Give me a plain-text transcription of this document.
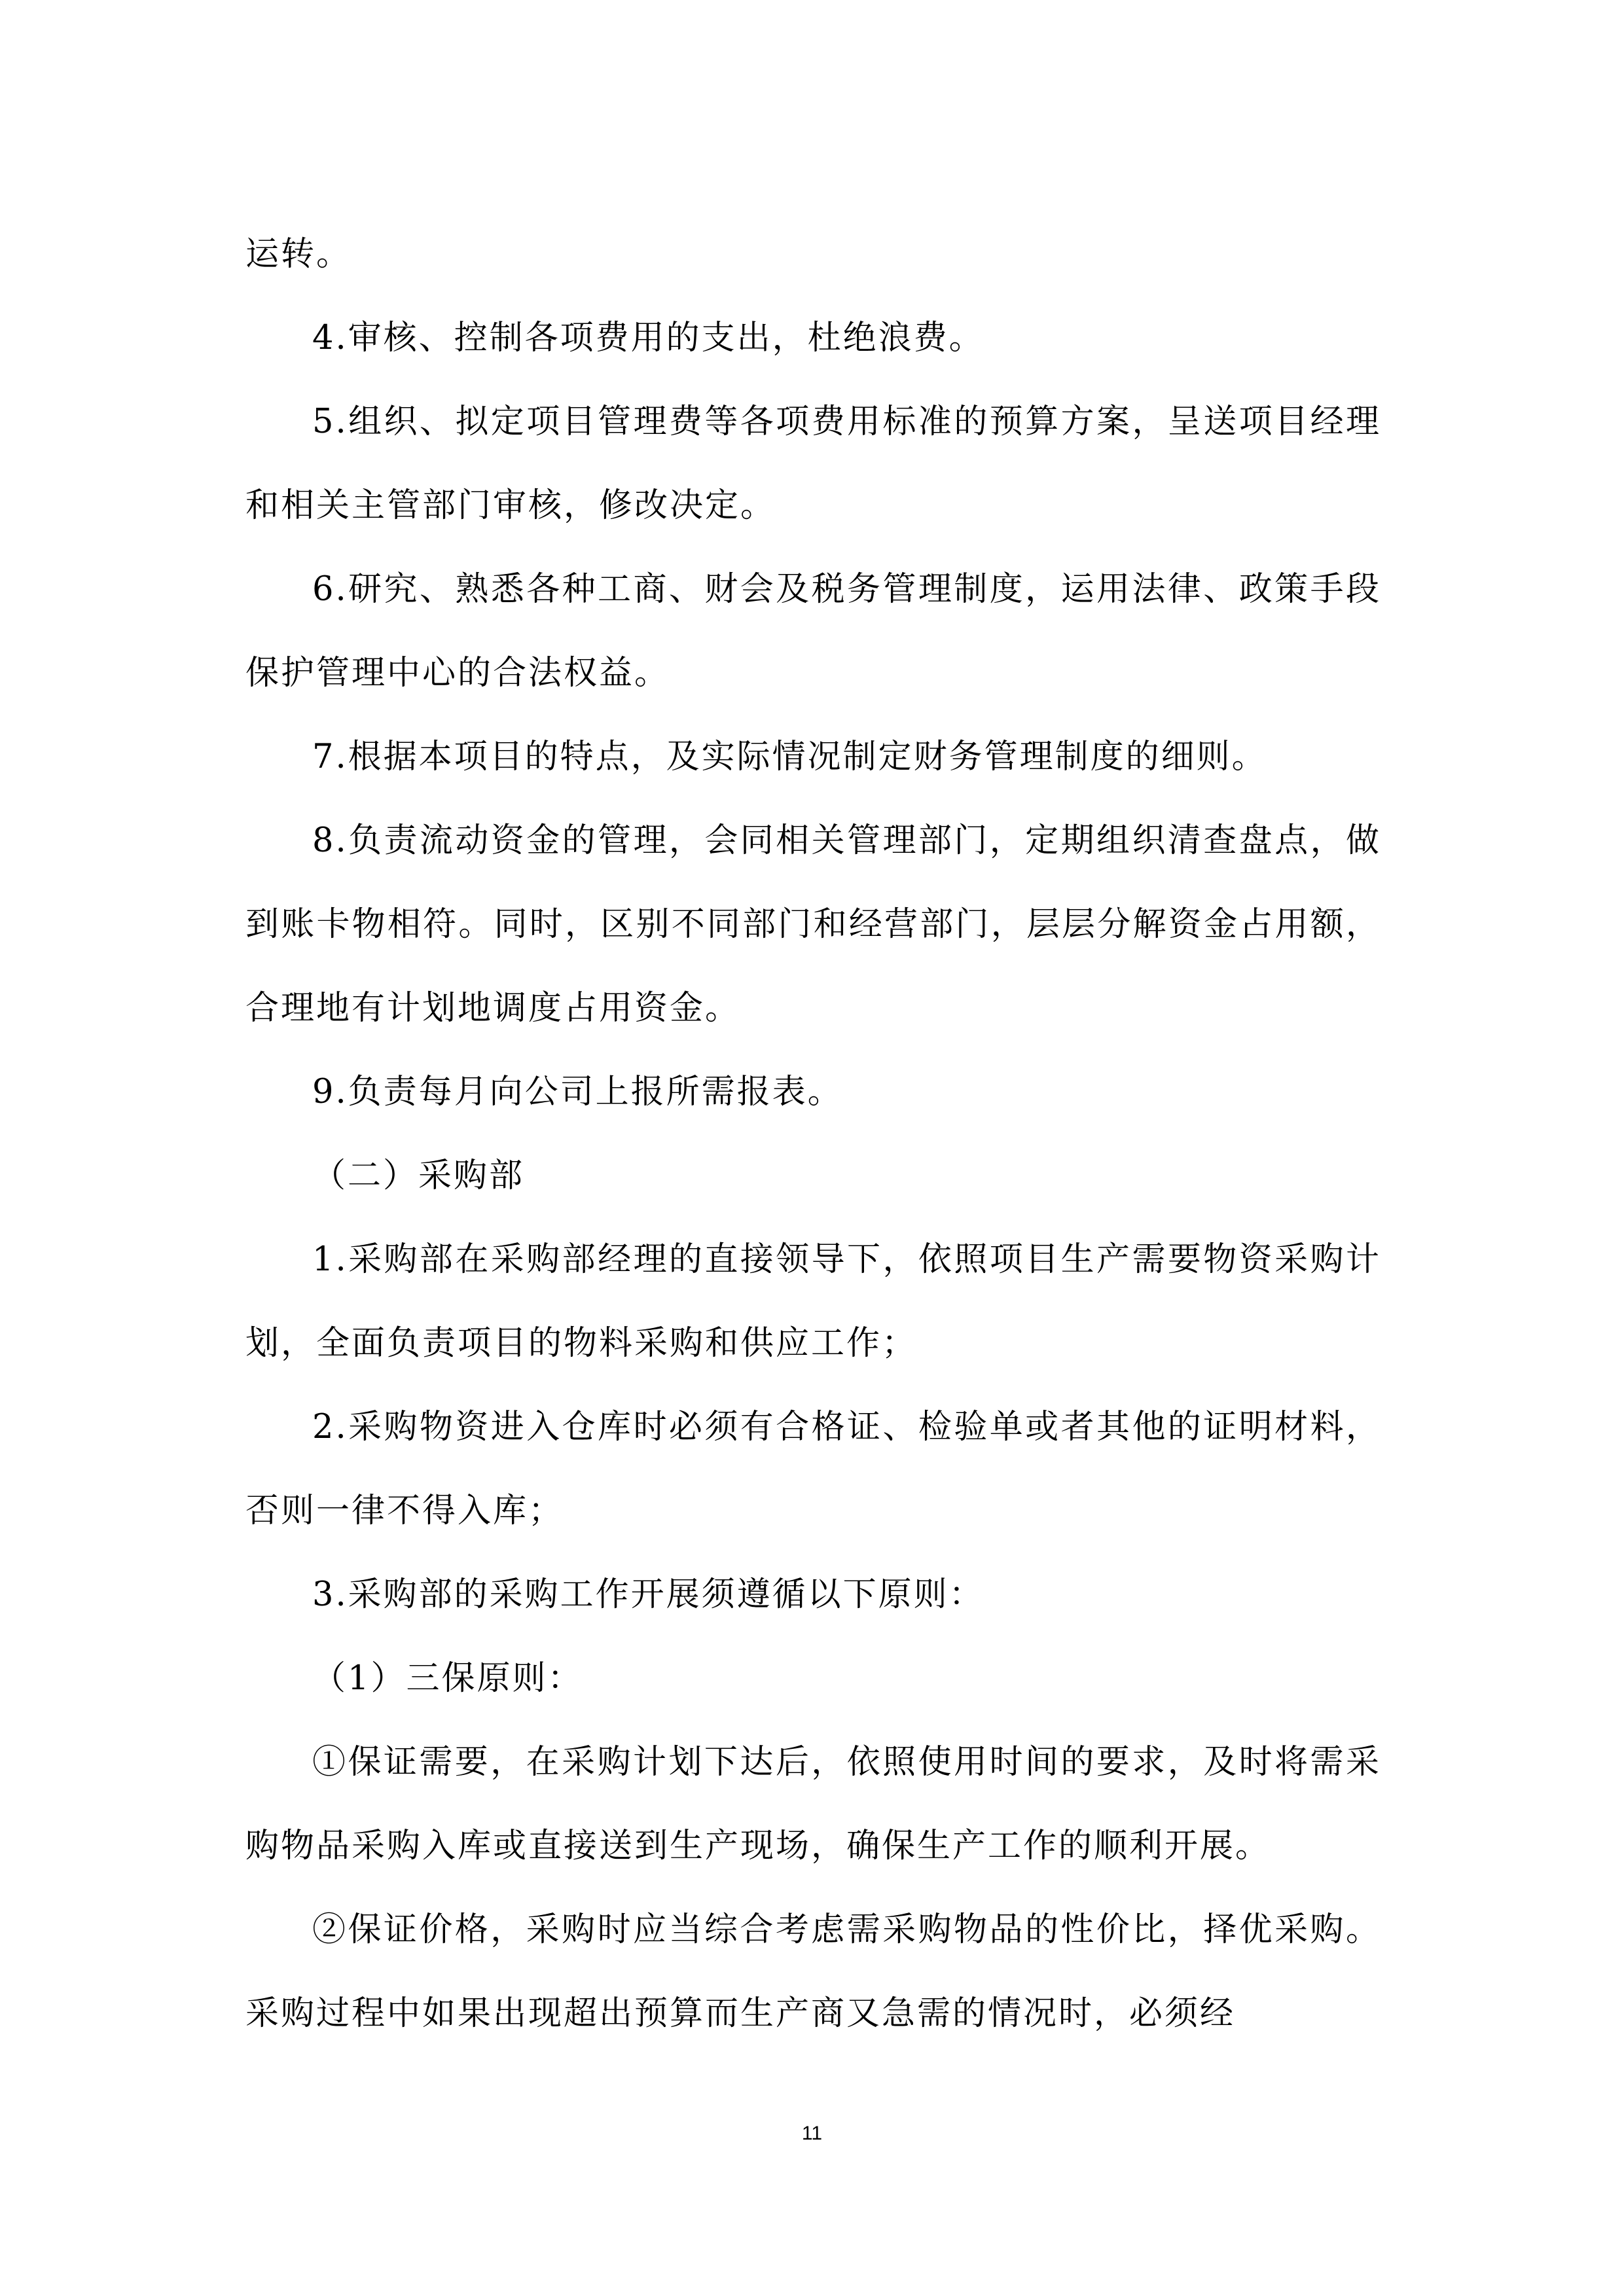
运转。

4.审核、控制各项费用的支出，杜绝浪费。

5.组织、拟定项目管理费等各项费用标准的预算方案，呈送项目经理和相关主管部门审核，修改决定。

6.研究、熟悉各种工商、财会及税务管理制度，运用法律、政策手段保护管理中心的合法权益。

7.根据本项目的特点，及实际情况制定财务管理制度的细则。

8.负责流动资金的管理，会同相关管理部门，定期组织清查盘点，做到账卡物相符。同时，区别不同部门和经营部门，层层分解资金占用额，合理地有计划地调度占用资金。

9.负责每月向公司上报所需报表。

（二）采购部

1.采购部在采购部经理的直接领导下，依照项目生产需要物资采购计划，全面负责项目的物料采购和供应工作；

2.采购物资进入仓库时必须有合格证、检验单或者其他的证明材料，否则一律不得入库；

3.采购部的采购工作开展须遵循以下原则：

（1）三保原则：

①保证需要，在采购计划下达后，依照使用时间的要求，及时将需采购物品采购入库或直接送到生产现场，确保生产工作的顺利开展。

②保证价格，采购时应当综合考虑需采购物品的性价比，择优采购。采购过程中如果出现超出预算而生产商又急需的情况时，必须经

11
